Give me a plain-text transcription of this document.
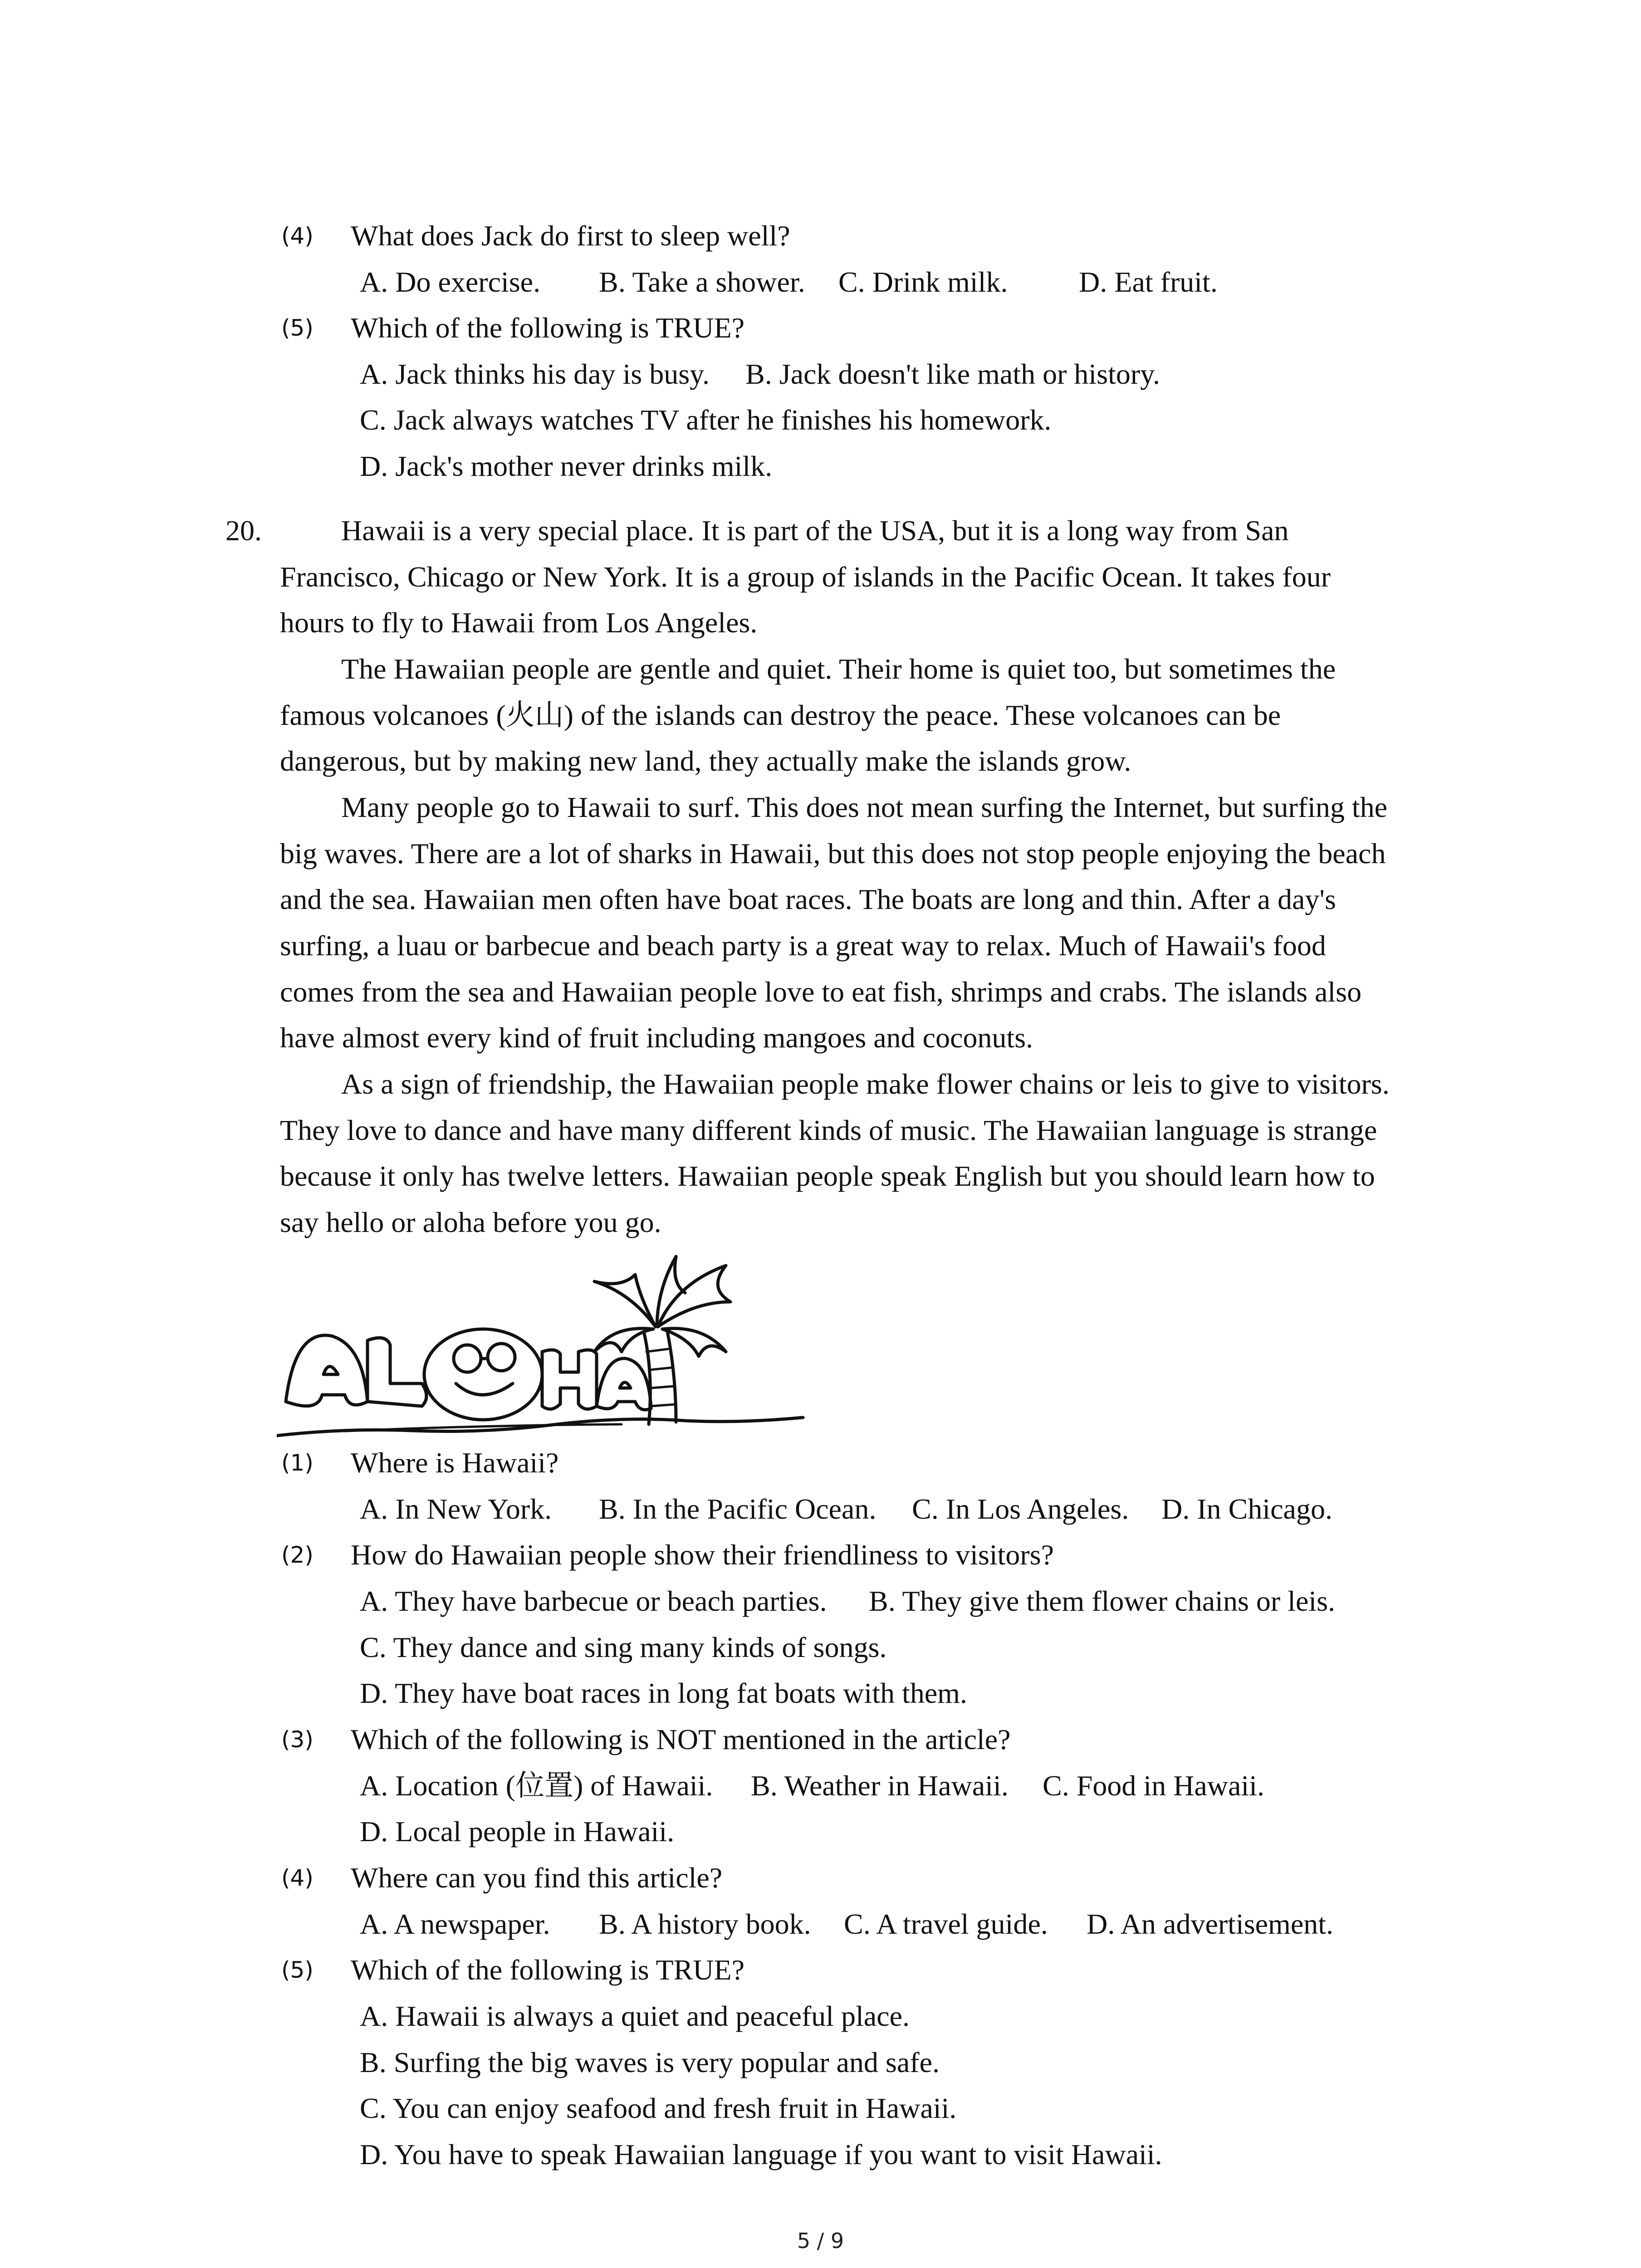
(4) What does Jack do first to sleep well?
A. Do exercise. B. Take a shower. C. Drink milk. D. Eat fruit.
(5) Which of the following is TRUE?
A. Jack thinks his day is busy. B. Jack doesn't like math or history.
C. Jack always watches TV after he finishes his homework.
D. Jack's mother never drinks milk.
20.	Hawaii is a very special place. It is part of the USA, but it is a long way from San
Francisco, Chicago or New York. It is a group of islands in the Pacific Ocean. It takes four
hours to fly to Hawaii from Los Angeles.
The Hawaiian people are gentle and quiet. Their home is quiet too, but sometimes the
famous volcanoes (火山) of the islands can destroy the peace. These volcanoes can be
dangerous, but by making new land, they actually make the islands grow.
Many people go to Hawaii to surf. This does not mean surfing the Internet, but surfing the
big waves. There are a lot of sharks in Hawaii, but this does not stop people enjoying the beach
and the sea. Hawaiian men often have boat races. The boats are long and thin. After a day's
surfing, a luau or barbecue and beach party is a great way to relax. Much of Hawaii's food
comes from the sea and Hawaiian people love to eat fish, shrimps and crabs. The islands also
have almost every kind of fruit including mangoes and coconuts.
As a sign of friendship, the Hawaiian people make flower chains or leis to give to visitors.
They love to dance and have many different kinds of music. The Hawaiian language is strange
because it only has twelve letters. Hawaiian people speak English but you should learn how to
say hello or aloha before you go.
(1) Where is Hawaii?
A. In New York. B. In the Pacific Ocean. C. In Los Angeles. D. In Chicago.
(2) How do Hawaiian people show their friendliness to visitors?
A. They have barbecue or beach parties. B. They give them flower chains or leis.
C. They dance and sing many kinds of songs.
D. They have boat races in long fat boats with them.
(3) Which of the following is NOT mentioned in the article?
A. Location (位置) of Hawaii. B. Weather in Hawaii. C. Food in Hawaii.
D. Local people in Hawaii.
(4) Where can you find this article?
A. A newspaper. B. A history book. C. A travel guide. D. An advertisement.
(5) Which of the following is TRUE?
A. Hawaii is always a quiet and peaceful place.
B. Surfing the big waves is very popular and safe.
C. You can enjoy seafood and fresh fruit in Hawaii.
D. You have to speak Hawaiian language if you want to visit Hawaii.
5 / 9
